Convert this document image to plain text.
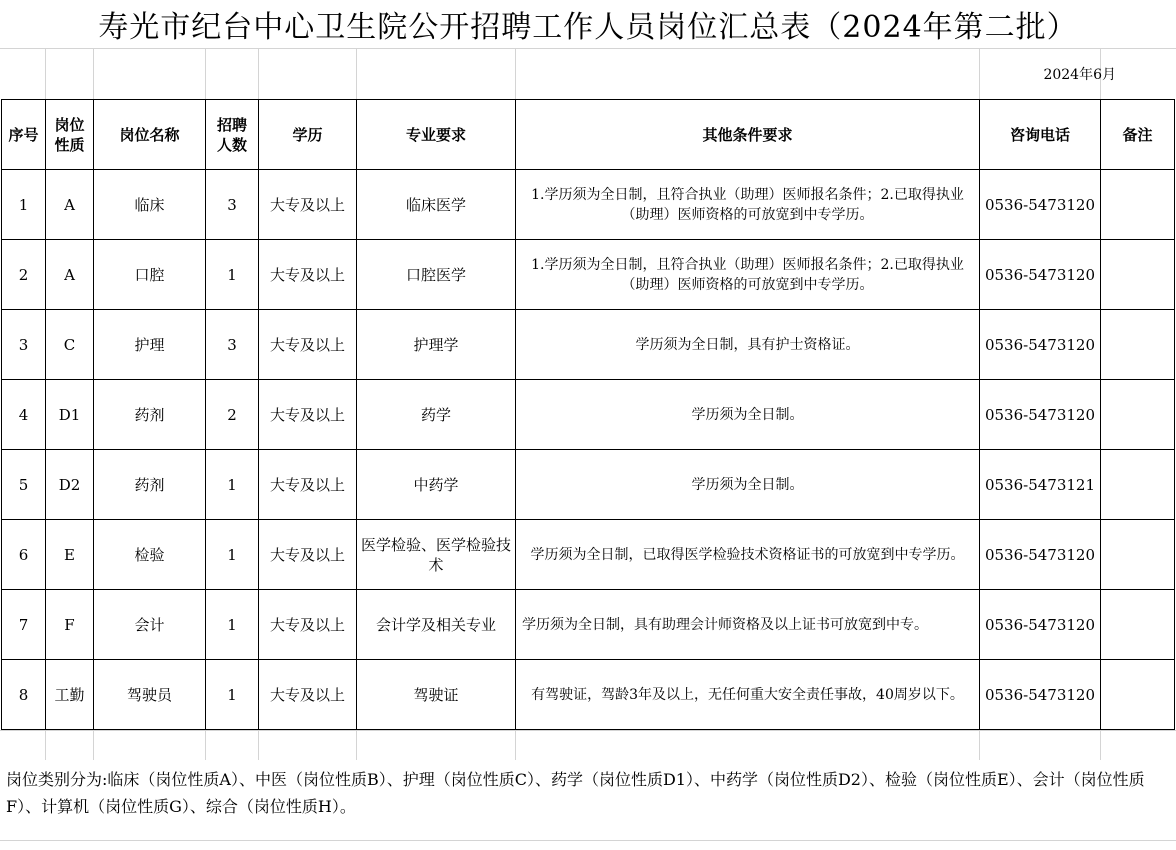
寿光市纪台中心卫生院公开招聘工作人员岗位汇总表（2024年第二批）
2024年6月
序号	岗位性质	岗位名称	招聘人数	学历	专业要求	其他条件要求	咨询电话	备注
1	A	临床	3	大专及以上	临床医学	1.学历须为全日制，且符合执业（助理）医师报名条件；2.已取得执业（助理）医师资格的可放宽到中专学历。	0536-5473120	
2	A	口腔	1	大专及以上	口腔医学	1.学历须为全日制，且符合执业（助理）医师报名条件；2.已取得执业（助理）医师资格的可放宽到中专学历。	0536-5473120	
3	C	护理	3	大专及以上	护理学	学历须为全日制，具有护士资格证。	0536-5473120	
4	D1	药剂	2	大专及以上	药学	学历须为全日制。	0536-5473120	
5	D2	药剂	1	大专及以上	中药学	学历须为全日制。	0536-5473121	
6	E	检验	1	大专及以上	医学检验、医学检验技术	学历须为全日制，已取得医学检验技术资格证书的可放宽到中专学历。	0536-5473120	
7	F	会计	1	大专及以上	会计学及相关专业	学历须为全日制，具有助理会计师资格及以上证书可放宽到中专。	0536-5473120	
8	工勤	驾驶员	1	大专及以上	驾驶证	有驾驶证，驾龄3年及以上，无任何重大安全责任事故，40周岁以下。	0536-5473120	
岗位类别分为:临床（岗位性质A）、中医（岗位性质B）、护理（岗位性质C）、药学（岗位性质D1）、中药学（岗位性质D2）、检验（岗位性质E）、会计（岗位性质F）、计算机（岗位性质G）、综合（岗位性质H）。
